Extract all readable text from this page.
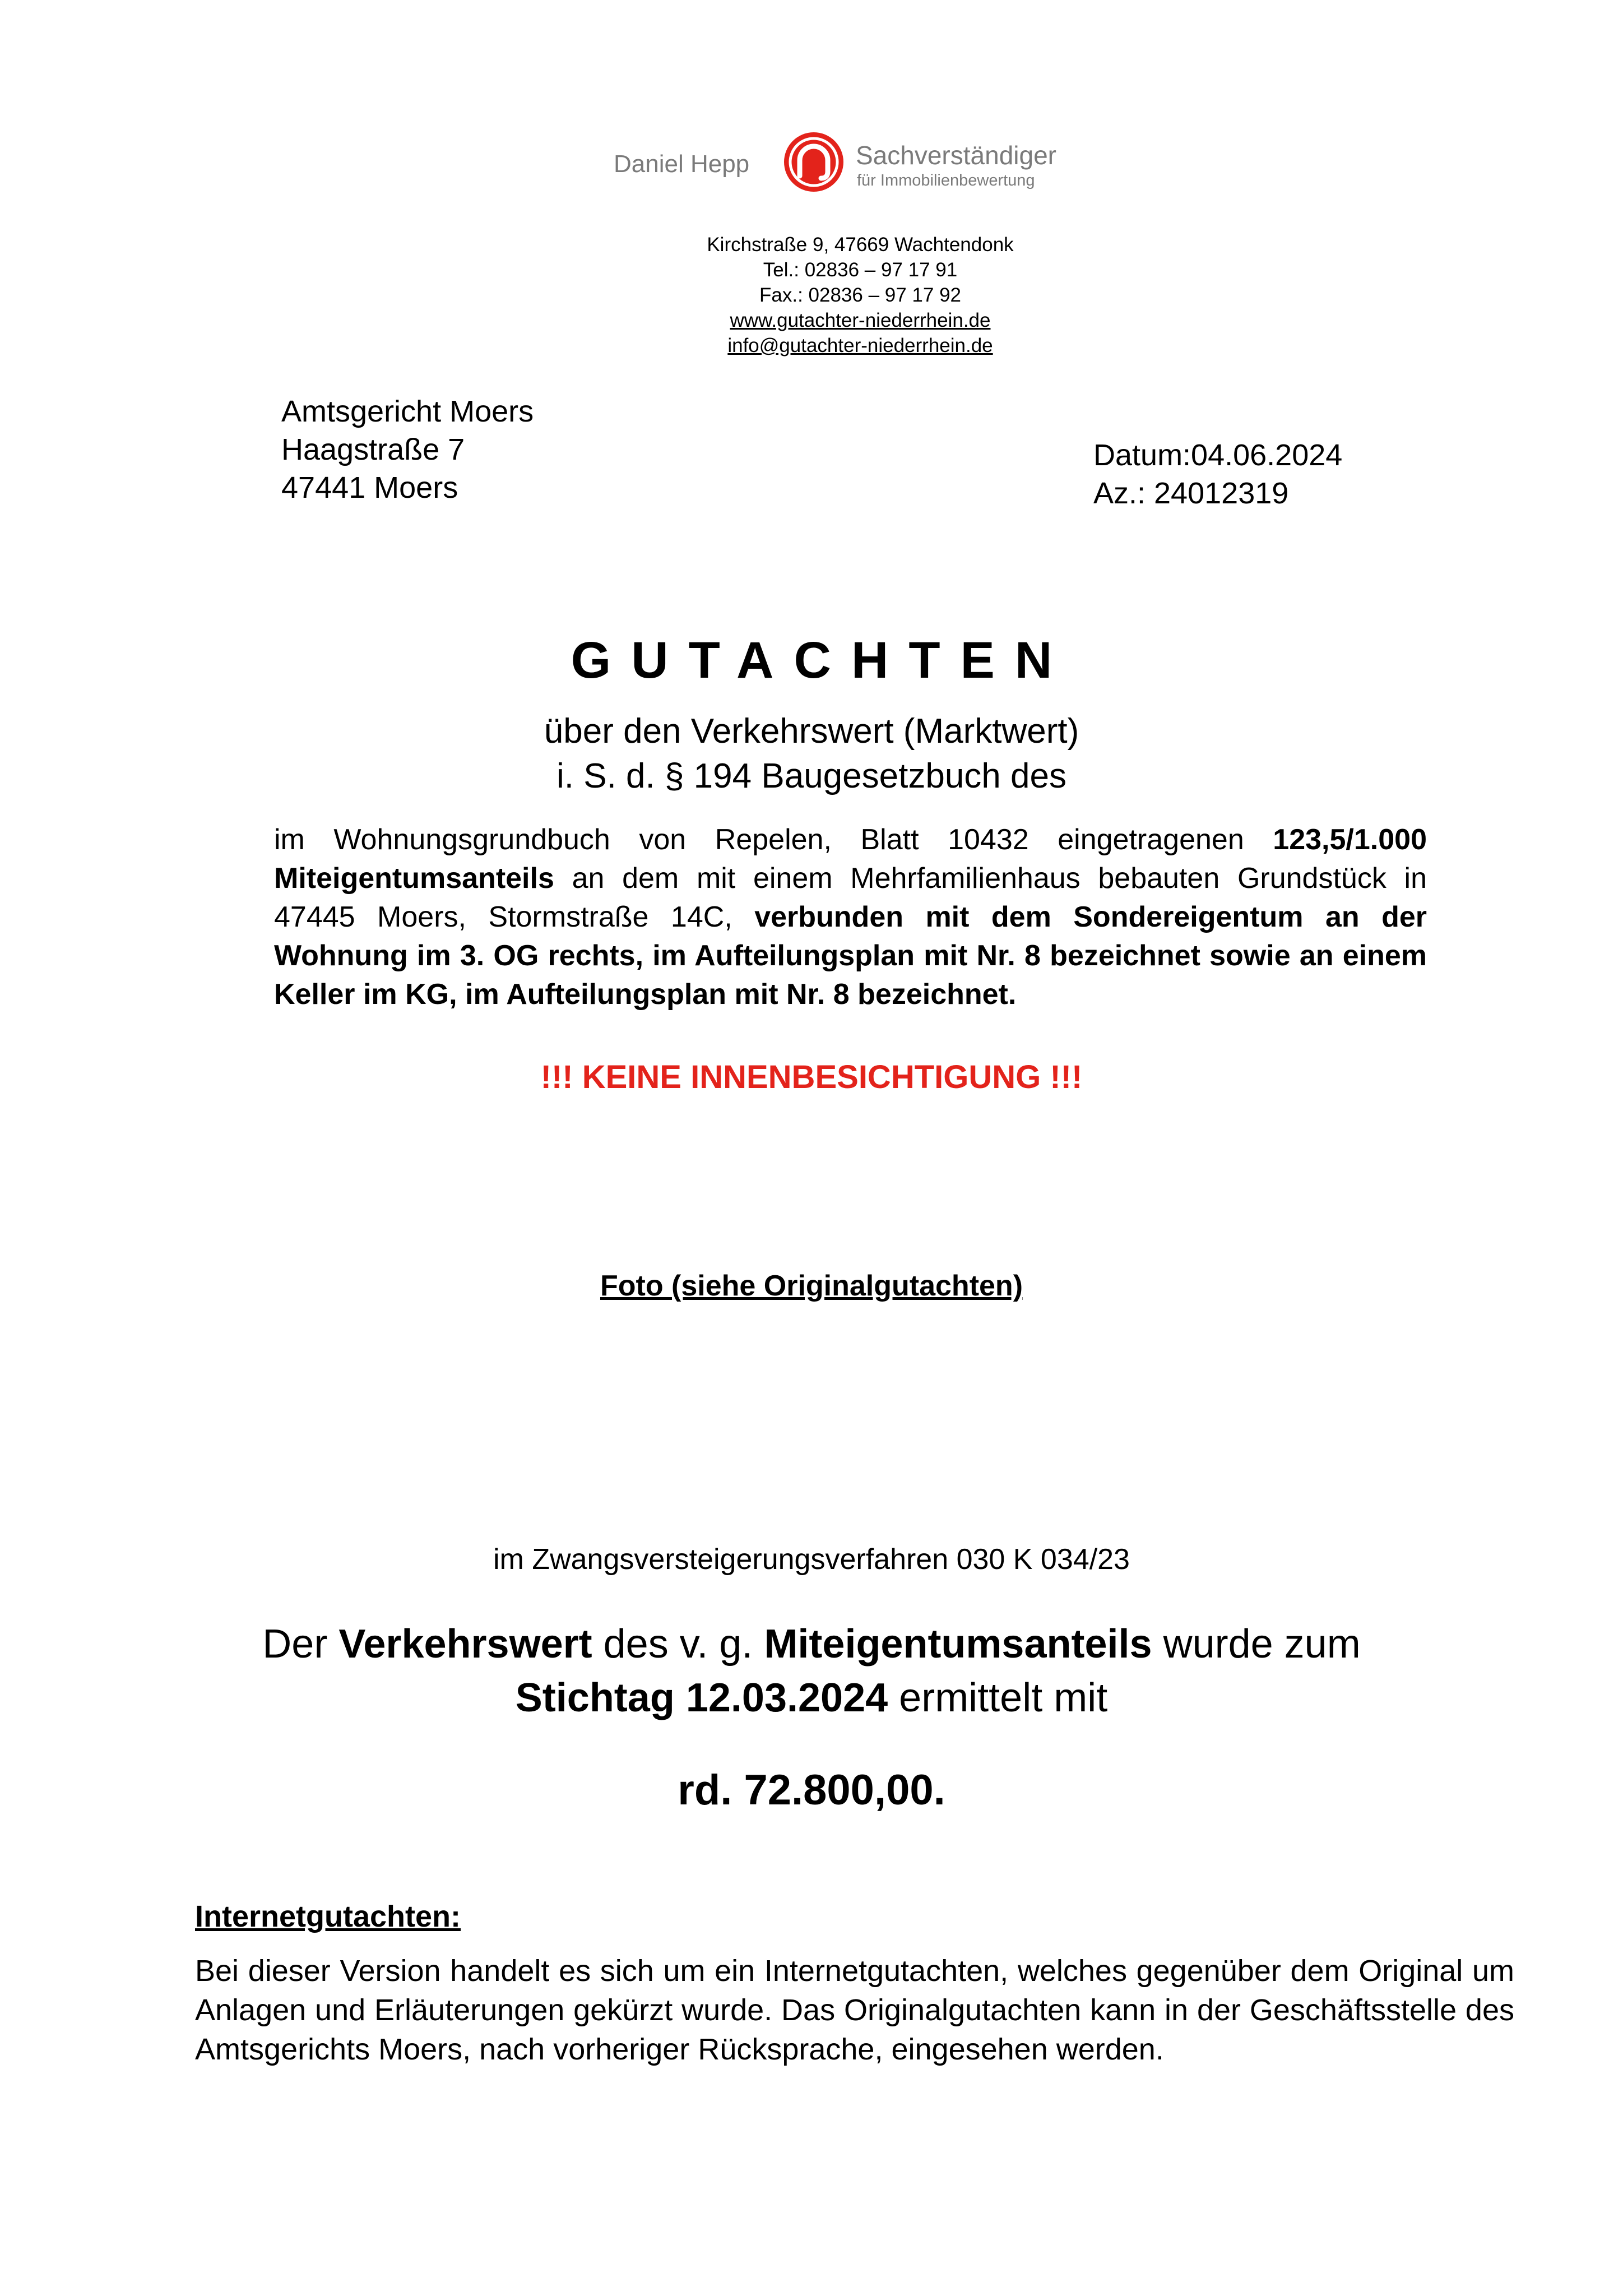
Daniel Hepp	Sachverständiger
für Immobilienbewertung
Kirchstraße 9, 47669 Wachtendonk
Tel.: 02836 – 97 17 91
Fax.: 02836 – 97 17 92
www.gutachter-niederrhein.de
info@gutachter-niederrhein.de
Amtsgericht Moers
Haagstraße 7
47441 Moers
Datum:04.06.2024
Az.: 24012319
GUTACHTEN
über den Verkehrswert (Marktwert)
i. S. d. § 194 Baugesetzbuch des
im Wohnungsgrundbuch von Repelen, Blatt 10432 eingetragenen 123,5/1.000 Miteigentumsanteils an dem mit einem Mehrfamilienhaus bebauten Grundstück in 47445 Moers, Stormstraße 14C, verbunden mit dem Sondereigentum an der Wohnung im 3. OG rechts, im Aufteilungsplan mit Nr. 8 bezeichnet sowie an einem Keller im KG, im Aufteilungsplan mit Nr. 8 bezeichnet.
!!! KEINE INNENBESICHTIGUNG !!!
Foto (siehe Originalgutachten)
im Zwangsversteigerungsverfahren 030 K 034/23
Der Verkehrswert des v. g. Miteigentumsanteils wurde zum
Stichtag 12.03.2024 ermittelt mit
rd. 72.800,00.
Internetgutachten:
Bei dieser Version handelt es sich um ein Internetgutachten, welches gegenüber dem Original um Anlagen und Erläuterungen gekürzt wurde. Das Originalgutachten kann in der Geschäftsstelle des Amtsgerichts Moers, nach vorheriger Rücksprache, eingesehen werden.
